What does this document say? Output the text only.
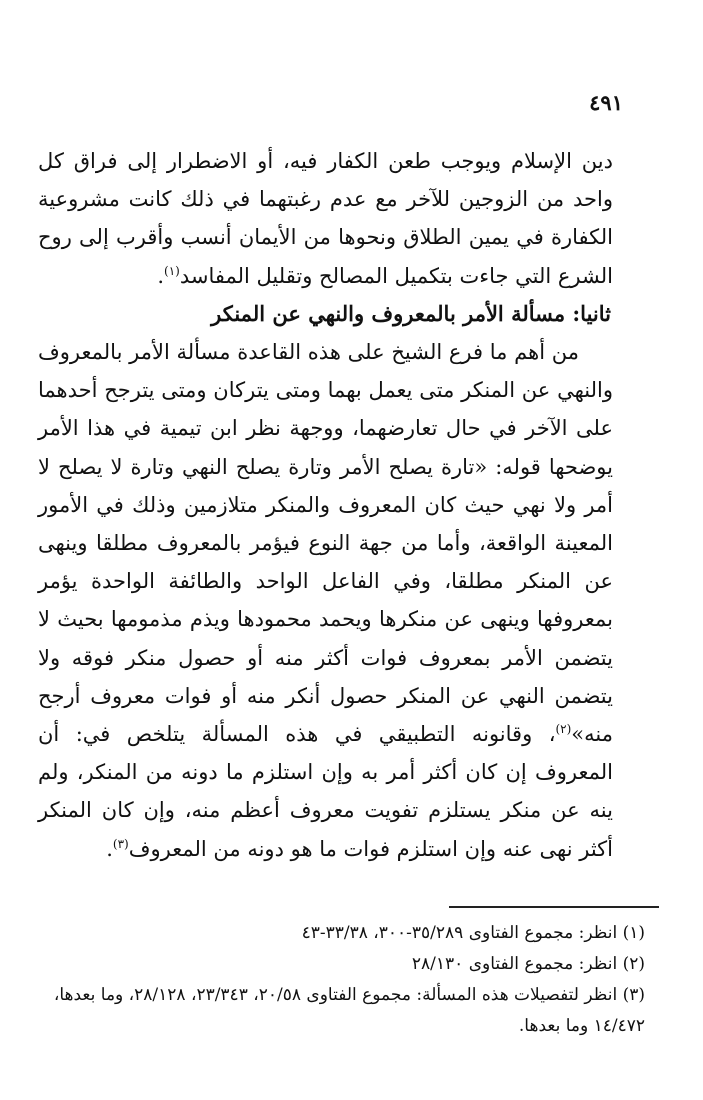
٤٩١

دين الإسلام ويوجب طعن الكفار فيه، أو الاضطرار إلى فراق كل واحد من الزوجين للآخر مع عدم رغبتهما في ذلك كانت مشروعية الكفارة في يمين الطلاق ونحوها من الأيمان أنسب وأقرب إلى روح الشرع التي جاءت بتكميل المصالح وتقليل المفاسد$^{(١)}$.

ثانيا: مسألة الأمر بالمعروف والنهي عن المنكر

من أهم ما فرع الشيخ على هذه القاعدة مسألة الأمر بالمعروف والنهي عن المنكر متى يعمل بهما ومتى يتركان ومتى يترجح أحدهما على الآخر في حال تعارضهما، ووجهة نظر ابن تيمية في هذا الأمر يوضحها قوله: «تارة يصلح الأمر وتارة يصلح النهي وتارة لا يصلح لا أمر ولا نهي حيث كان المعروف والمنكر متلازمين وذلك في الأمور المعينة الواقعة، وأما من جهة النوع فيؤمر بالمعروف مطلقا وينهى عن المنكر مطلقا، وفي الفاعل الواحد والطائفة الواحدة يؤمر بمعروفها وينهى عن منكرها ويحمد محمودها ويذم مذمومها بحيث لا يتضمن الأمر بمعروف فوات أكثر منه أو حصول منكر فوقه ولا يتضمن النهي عن المنكر حصول أنكر منه أو فوات معروف أرجح منه»$^{(٢)}$، وقانونه التطبيقي في هذه المسألة يتلخص في: أن المعروف إن كان أكثر أمر به وإن استلزم ما دونه من المنكر، ولم ينه عن منكر يستلزم تفويت معروف أعظم منه، وإن كان المنكر أكثر نهى عنه وإن استلزم فوات ما هو دونه من المعروف$^{(٣)}$.

(١) انظر: مجموع الفتاوى ٣٥/٢٨٩-٣٠٠، ٣٣/٣٨-٤٣

(٢) انظر: مجموع الفتاوى ٢٨/١٣٠

(٣) انظر لتفصيلات هذه المسألة: مجموع الفتاوى ٢٠/٥٨، ٢٣/٣٤٣، ٢٨/١٢٨، وما بعدها، ١٤/٤٧٢ وما بعدها.
